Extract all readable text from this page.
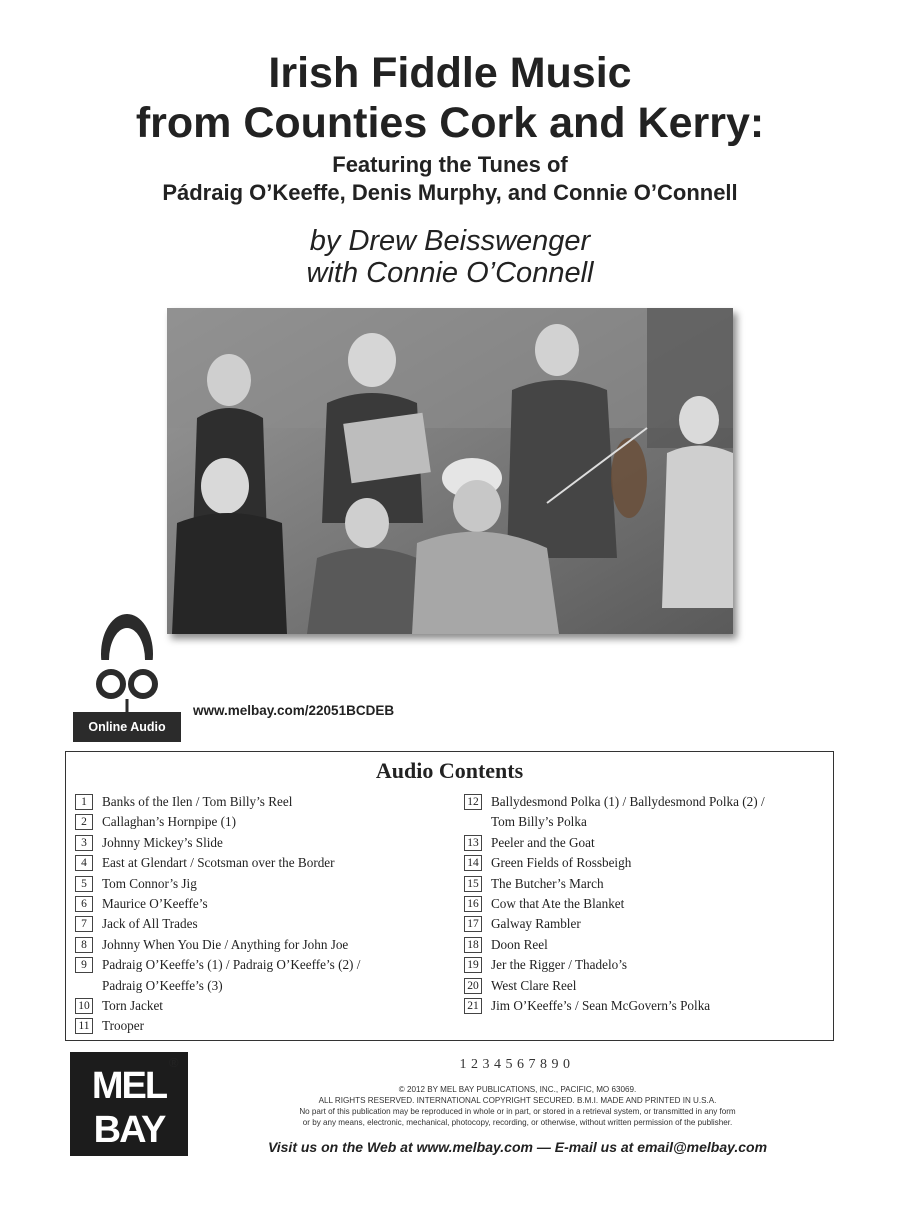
Irish Fiddle Music
from Counties Cork and Kerry:
Featuring the Tunes of
Pádraig O’Keeffe, Denis Murphy, and Connie O’Connell
by Drew Beisswenger
with Connie O’Connell
Online Audio
www.melbay.com/22051BCDEB
Audio Contents
1	Banks of the Ilen / Tom Billy’s Reel
2	Callaghan’s Hornpipe (1)
3	Johnny Mickey’s Slide
4	East at Glendart / Scotsman over the Border
5	Tom Connor’s Jig
6	Maurice O’Keeffe’s
7	Jack of All Trades
8	Johnny When You Die / Anything for John Joe
9	Padraig O’Keeffe’s (1) / Padraig O’Keeffe’s (2) /
Padraig O’Keeffe’s (3)
10 Torn Jacket
11 Trooper
12 Ballydesmond Polka (1) / Ballydesmond Polka (2) /
Tom Billy’s Polka
13 Peeler and the Goat
14 Green Fields of Rossbeigh
15 The Butcher’s March
16 Cow that Ate the Blanket
17 Galway Rambler
18 Doon Reel
19 Jer the Rigger / Thadelo’s
20 West Clare Reel
21 Jim O’Keeffe’s / Sean McGovern’s Polka
MEL
BAY
®	1 2 3 4 5 6 7 8 9 0
© 2012 BY MEL BAY PUBLICATIONS, INC., PACIFIC, MO 63069.
ALL RIGHTS RESERVED. INTERNATIONAL COPYRIGHT SECURED. B.M.I. MADE AND PRINTED IN U.S.A.
No part of this publication may be reproduced in whole or in part, or stored in a retrieval system, or transmitted in any form
or by any means, electronic, mechanical, photocopy, recording, or otherwise, without written permission of the publisher.
Visit us on the Web at www.melbay.com — E-mail us at email@melbay.com
